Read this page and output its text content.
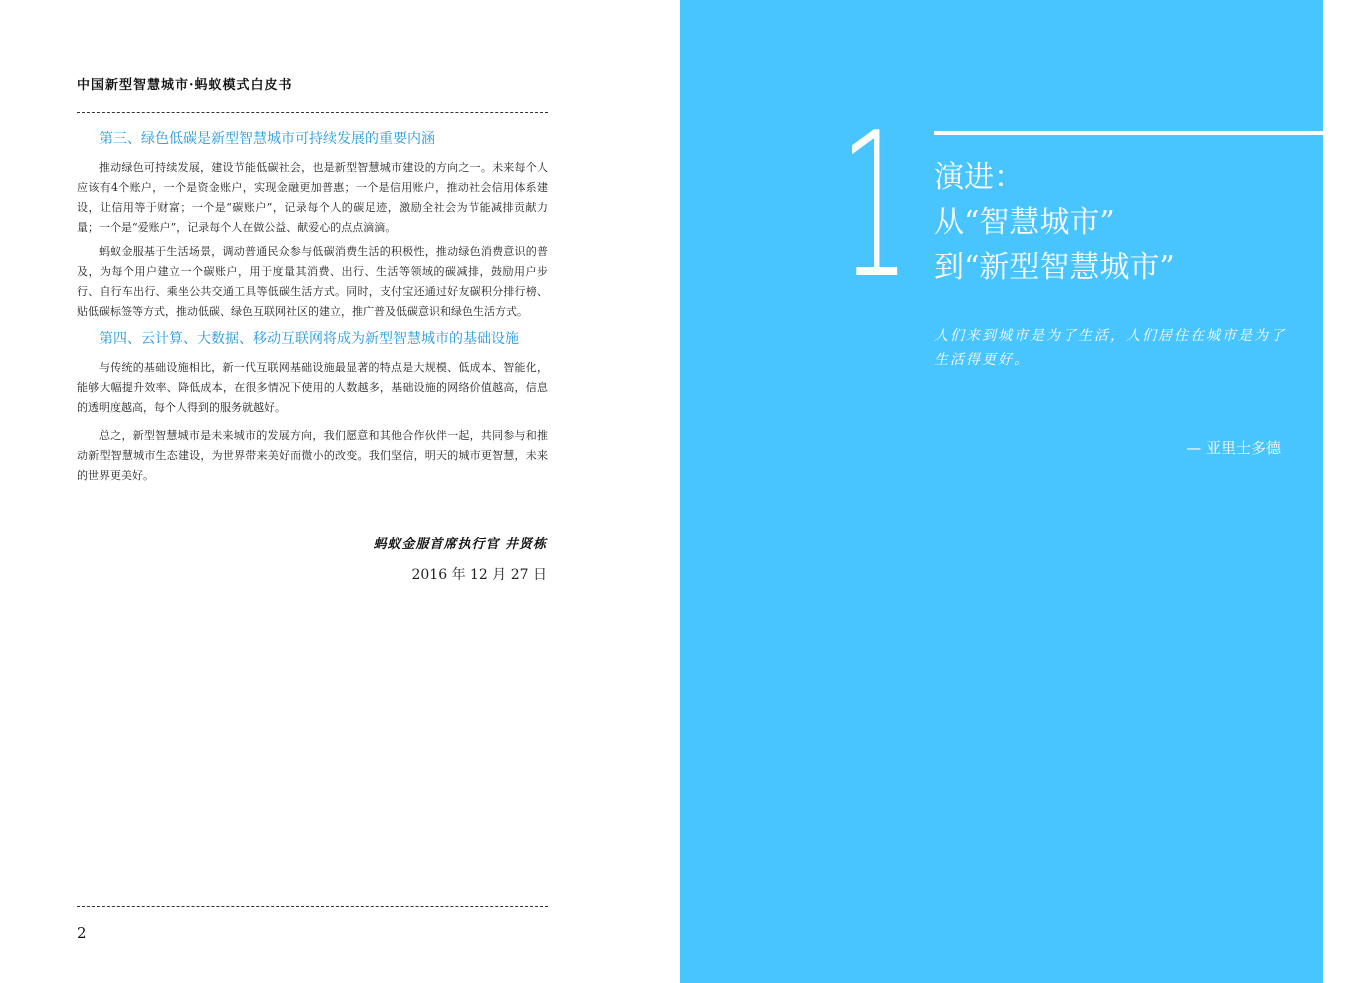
中国新型智慧城市·蚂蚁模式白皮书
第三、绿色低碳是新型智慧城市可持续发展的重要内涵

推动绿色可持续发展，建设节能低碳社会，也是新型智慧城市建设的方向之一。未来每个人应该有4个账户，一个是资金账户，实现金融更加普惠；一个是信用账户，推动社会信用体系建设，让信用等于财富；一个是“碳账户”，记录每个人的碳足迹，激励全社会为节能减排贡献力量；一个是“爱账户”，记录每个人在做公益、献爱心的点点滴滴。

蚂蚁金服基于生活场景，调动普通民众参与低碳消费生活的积极性，推动绿色消费意识的普及，为每个用户建立一个碳账户，用于度量其消费、出行、生活等领域的碳减排，鼓励用户步行、自行车出行、乘坐公共交通工具等低碳生活方式。同时，支付宝还通过好友碳积分排行榜、贴低碳标签等方式，推动低碳、绿色互联网社区的建立，推广普及低碳意识和绿色生活方式。

第四、云计算、大数据、移动互联网将成为新型智慧城市的基础设施

与传统的基础设施相比，新一代互联网基础设施最显著的特点是大规模、低成本、智能化，能够大幅提升效率、降低成本，在很多情况下使用的人数越多，基础设施的网络价值越高，信息的透明度越高，每个人得到的服务就越好。

总之，新型智慧城市是未来城市的发展方向，我们愿意和其他合作伙伴一起，共同参与和推动新型智慧城市生态建设，为世界带来美好而微小的改变。我们坚信，明天的城市更智慧，未来的世界更美好。

蚂蚁金服首席执行官 井贤栋
2016 年 12 月 27 日
2
1 演进：
从“智慧城市”
到“新型智慧城市”
人们来到城市是为了生活，人们居住在城市是为了生活得更好。
— 亚里士多德
